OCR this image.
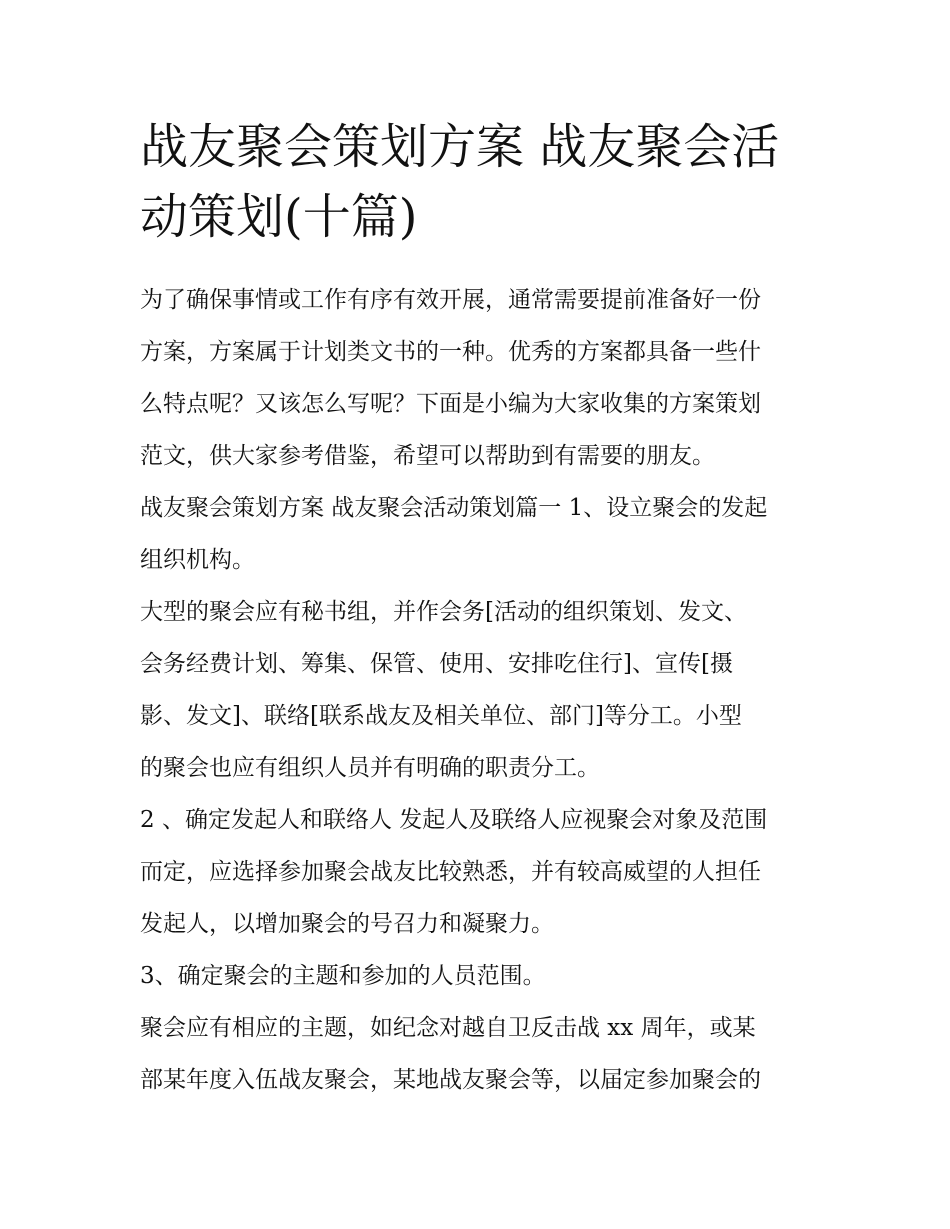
战友聚会策划方案 战友聚会活
动策划(十篇)
为了确保事情或工作有序有效开展，通常需要提前准备好一份
方案，方案属于计划类文书的一种。优秀的方案都具备一些什
么特点呢？又该怎么写呢？下面是小编为大家收集的方案策划
范文，供大家参考借鉴，希望可以帮助到有需要的朋友。
战友聚会策划方案 战友聚会活动策划篇一 1、设立聚会的发起
组织机构。
大型的聚会应有秘书组，并作会务[活动的组织策划、发文、
会务经费计划、筹集、保管、使用、安排吃住行]、宣传[摄
影、发文]、联络[联系战友及相关单位、部门]等分工。小型
的聚会也应有组织人员并有明确的职责分工。
2 、确定发起人和联络人 发起人及联络人应视聚会对象及范围
而定，应选择参加聚会战友比较熟悉，并有较高威望的人担任
发起人，以增加聚会的号召力和凝聚力。
3、确定聚会的主题和参加的人员范围。
聚会应有相应的主题，如纪念对越自卫反击战 xx 周年，或某
部某年度入伍战友聚会，某地战友聚会等，以届定参加聚会的
